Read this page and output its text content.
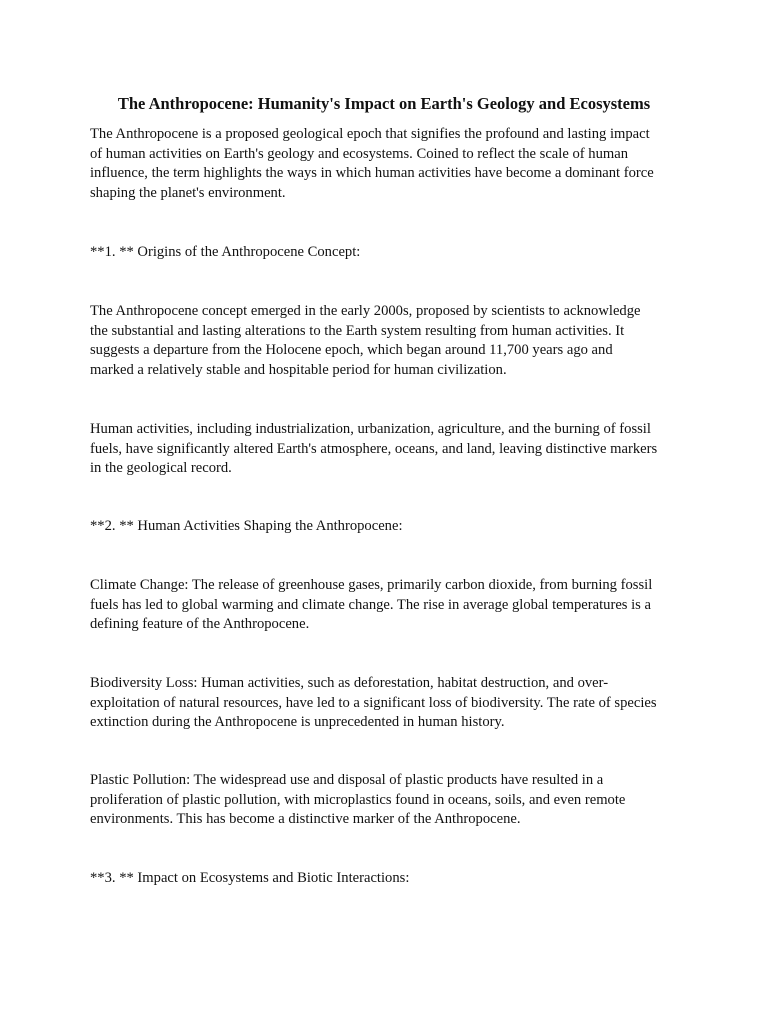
The Anthropocene: Humanity's Impact on Earth's Geology and Ecosystems

The Anthropocene is a proposed geological epoch that signifies the profound and lasting impact
of human activities on Earth's geology and ecosystems. Coined to reflect the scale of human
influence, the term highlights the ways in which human activities have become a dominant force
shaping the planet's environment.

**1. ** Origins of the Anthropocene Concept:

The Anthropocene concept emerged in the early 2000s, proposed by scientists to acknowledge
the substantial and lasting alterations to the Earth system resulting from human activities. It
suggests a departure from the Holocene epoch, which began around 11,700 years ago and
marked a relatively stable and hospitable period for human civilization.

Human activities, including industrialization, urbanization, agriculture, and the burning of fossil
fuels, have significantly altered Earth's atmosphere, oceans, and land, leaving distinctive markers
in the geological record.

**2. ** Human Activities Shaping the Anthropocene:

Climate Change: The release of greenhouse gases, primarily carbon dioxide, from burning fossil
fuels has led to global warming and climate change. The rise in average global temperatures is a
defining feature of the Anthropocene.

Biodiversity Loss: Human activities, such as deforestation, habitat destruction, and over-
exploitation of natural resources, have led to a significant loss of biodiversity. The rate of species
extinction during the Anthropocene is unprecedented in human history.

Plastic Pollution: The widespread use and disposal of plastic products have resulted in a
proliferation of plastic pollution, with microplastics found in oceans, soils, and even remote
environments. This has become a distinctive marker of the Anthropocene.

**3. ** Impact on Ecosystems and Biotic Interactions:
